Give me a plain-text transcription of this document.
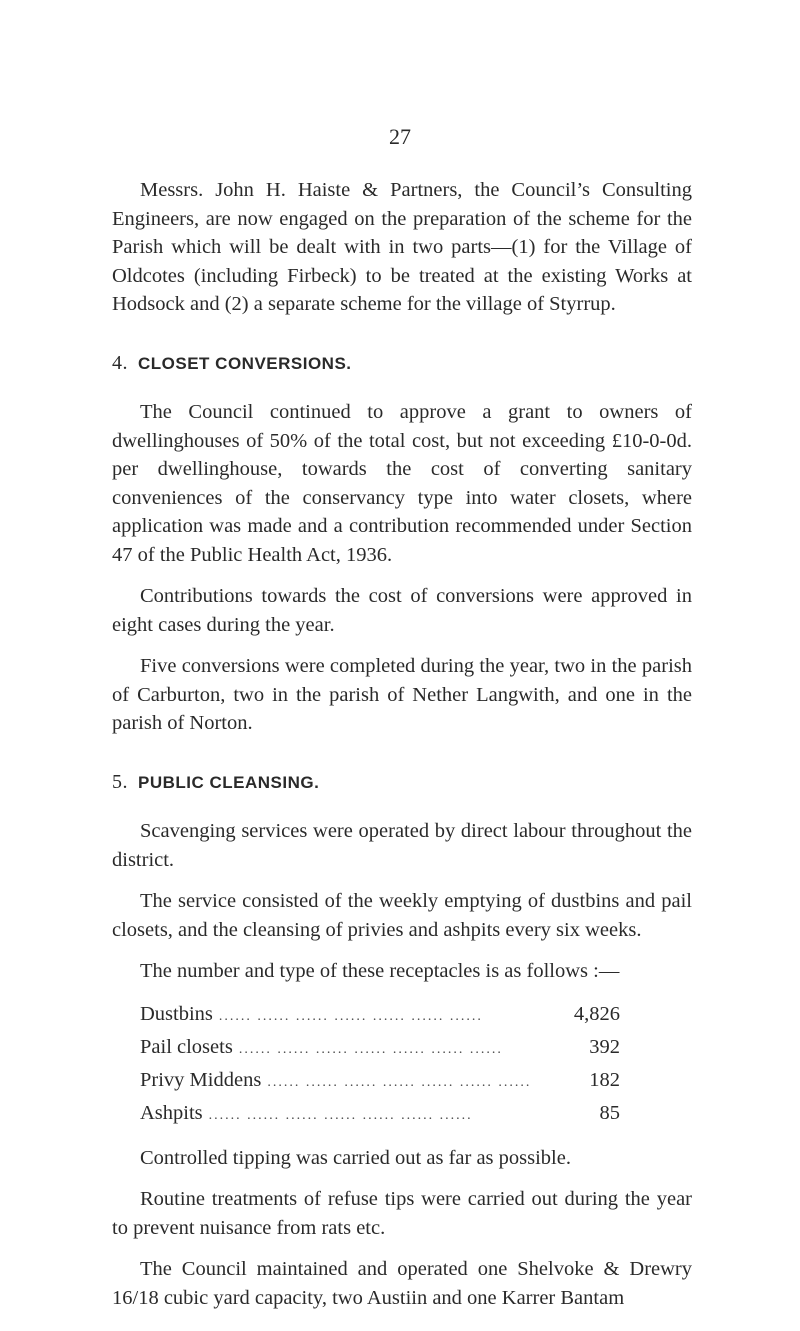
27

Messrs. John H. Haiste & Partners, the Council’s Consulting Engineers, are now engaged on the preparation of the scheme for the Parish which will be dealt with in two parts—(1) for the Village of Oldcotes (including Firbeck) to be treated at the existing Works at Hodsock and (2) a separate scheme for the village of Styrrup.

4. CLOSET CONVERSIONS.

The Council continued to approve a grant to owners of dwellinghouses of 50% of the total cost, but not exceeding £10-0-0d. per dwellinghouse, towards the cost of converting sanitary conveniences of the conservancy type into water closets, where application was made and a contribution recommended under Section 47 of the Public Health Act, 1936.

Contributions towards the cost of conversions were approved in eight cases during the year.

Five conversions were completed during the year, two in the parish of Carburton, two in the parish of Nether Langwith, and one in the parish of Norton.

5. PUBLIC CLEANSING.

Scavenging services were operated by direct labour throughout the district.

The service consisted of the weekly emptying of dustbins and pail closets, and the cleansing of privies and ashpits every six weeks.

The number and type of these receptacles is as follows :—

Dustbins ...... ...... ...... ...... ...... ...... ......	4,826
Pail closets ...... ...... ...... ...... ...... ...... ......	392
Privy Middens ...... ...... ...... ...... ...... ...... ......	182
Ashpits ...... ...... ...... ...... ...... ...... ......	85

Controlled tipping was carried out as far as possible.

Routine treatments of refuse tips were carried out during the year to prevent nuisance from rats etc.

The Council maintained and operated one Shelvoke & Drewry 16/18 cubic yard capacity, two Austiin and one Karrer Bantam
